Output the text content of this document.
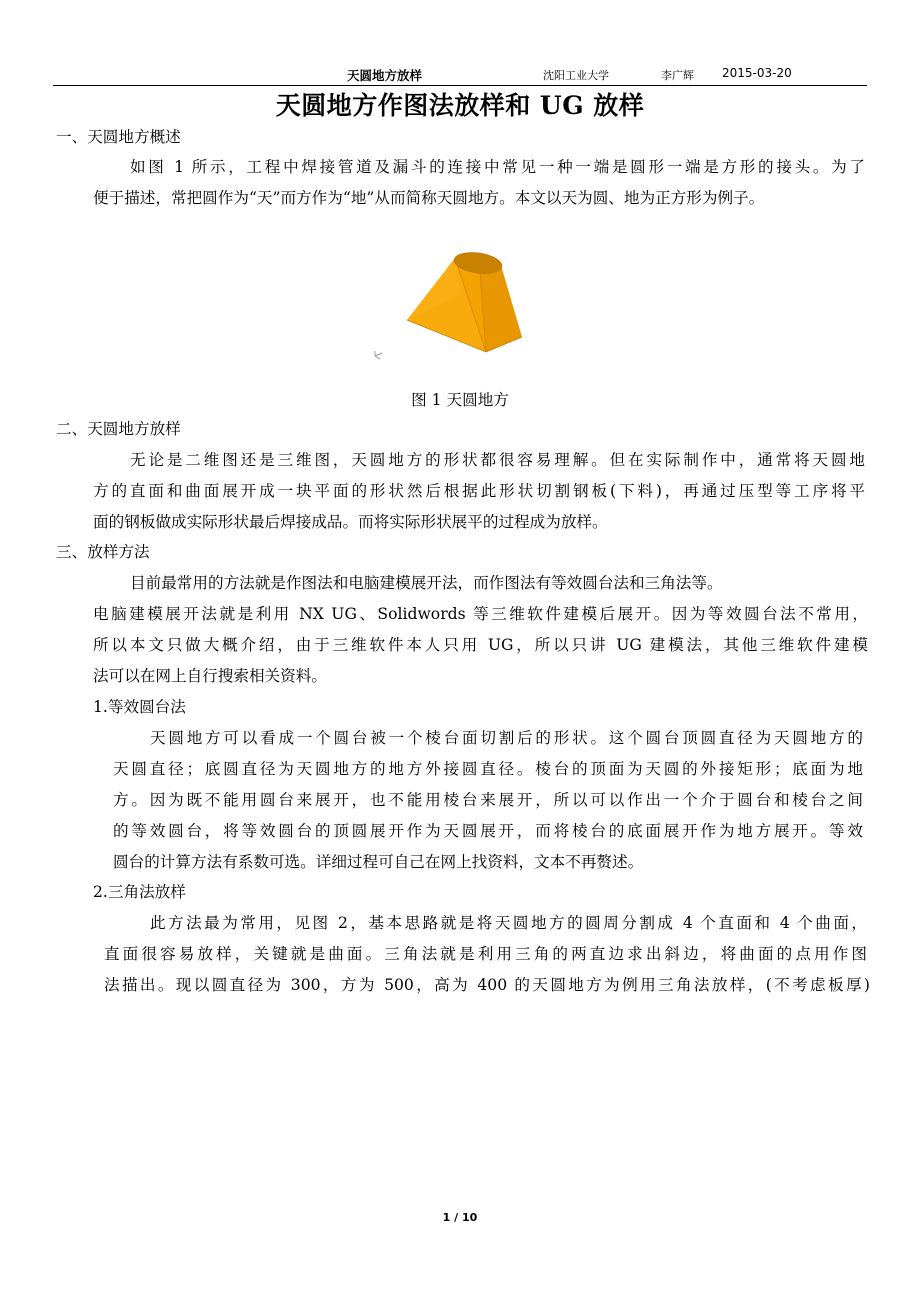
天圆地方放样	沈阳工业大学	李广辉 2015-03-20
天圆地方作图法放样和 UG 放样
一、天圆地方概述
如图 1 所示，工程中焊接管道及漏斗的连接中常见一种一端是圆形一端是方形的接头。为了
便于描述，常把圆作为“天”而方作为“地”从而简称天圆地方。本文以天为圆、地为正方形为例子。
图 1 天圆地方
二、天圆地方放样
无论是二维图还是三维图，天圆地方的形状都很容易理解。但在实际制作中，通常将天圆地
方的直面和曲面展开成一块平面的形状然后根据此形状切割钢板(下料)，再通过压型等工序将平
面的钢板做成实际形状最后焊接成品。而将实际形状展平的过程成为放样。
三、放样方法
目前最常用的方法就是作图法和电脑建模展开法，而作图法有等效圆台法和三角法等。
电脑建模展开法就是利用 NX UG、Solidwords 等三维软件建模后展开。因为等效圆台法不常用，
所以本文只做大概介绍，由于三维软件本人只用 UG，所以只讲 UG 建模法，其他三维软件建模
法可以在网上自行搜索相关资料。
1.等效圆台法
天圆地方可以看成一个圆台被一个棱台面切割后的形状。这个圆台顶圆直径为天圆地方的
天圆直径；底圆直径为天圆地方的地方外接圆直径。棱台的顶面为天圆的外接矩形；底面为地
方。因为既不能用圆台来展开，也不能用棱台来展开，所以可以作出一个介于圆台和棱台之间
的等效圆台，将等效圆台的顶圆展开作为天圆展开，而将棱台的底面展开作为地方展开。等效
圆台的计算方法有系数可选。详细过程可自己在网上找资料，文本不再赘述。
2.三角法放样
此方法最为常用，见图 2，基本思路就是将天圆地方的圆周分割成 4 个直面和 4 个曲面，
直面很容易放样，关键就是曲面。三角法就是利用三角的两直边求出斜边，将曲面的点用作图
法描出。现以圆直径为 300，方为 500，高为 400 的天圆地方为例用三角法放样，(不考虑板厚)
1 / 10
